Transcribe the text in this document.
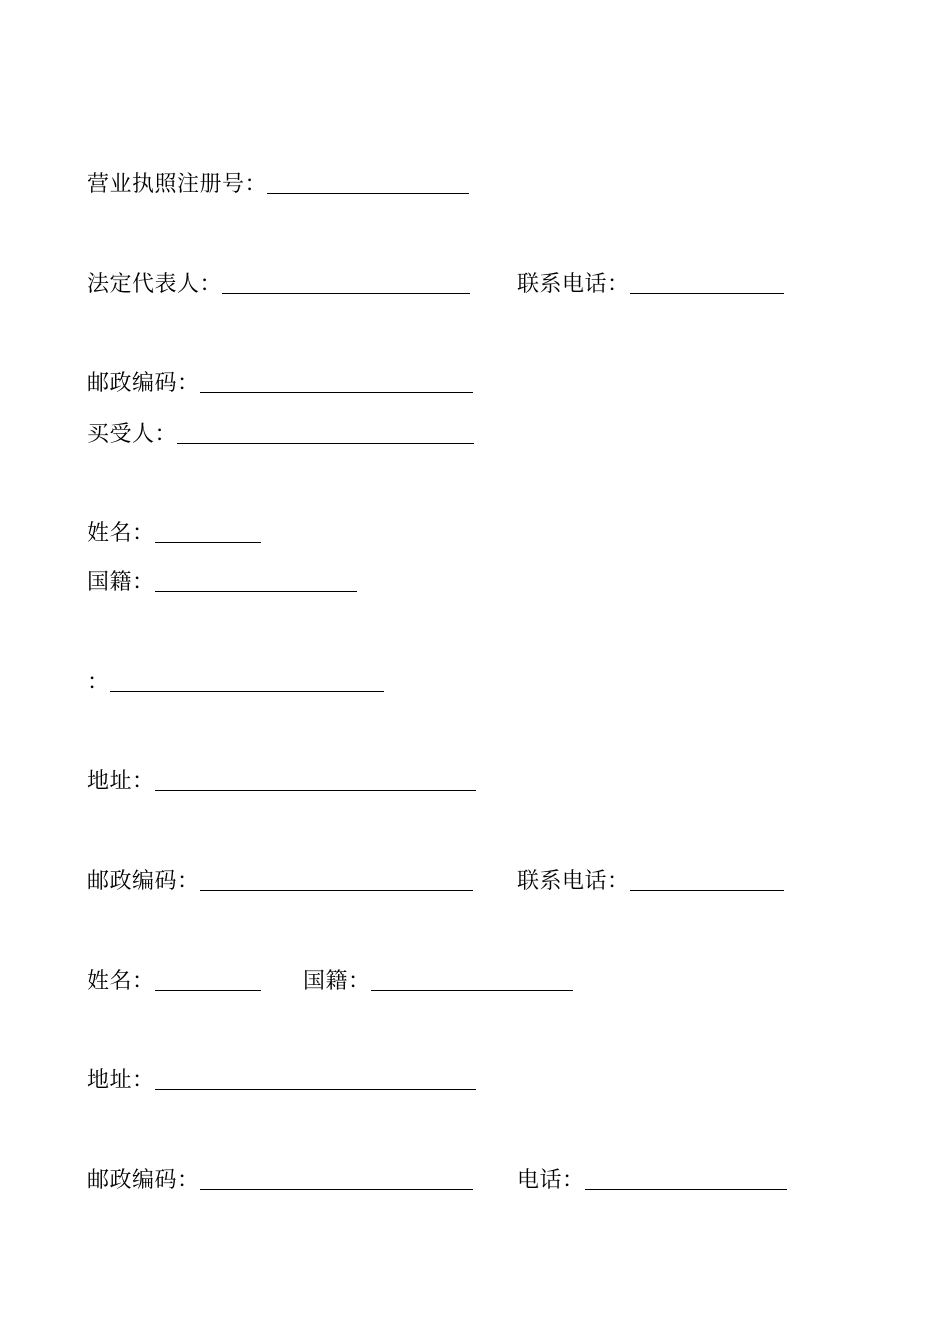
营业执照注册号：
法定代表人：	联系电话：
邮政编码：
买受人：
姓名：
国籍：
：
地址：
邮政编码：	联系电话：
姓名：	国籍：
地址：
邮政编码：	电话：
